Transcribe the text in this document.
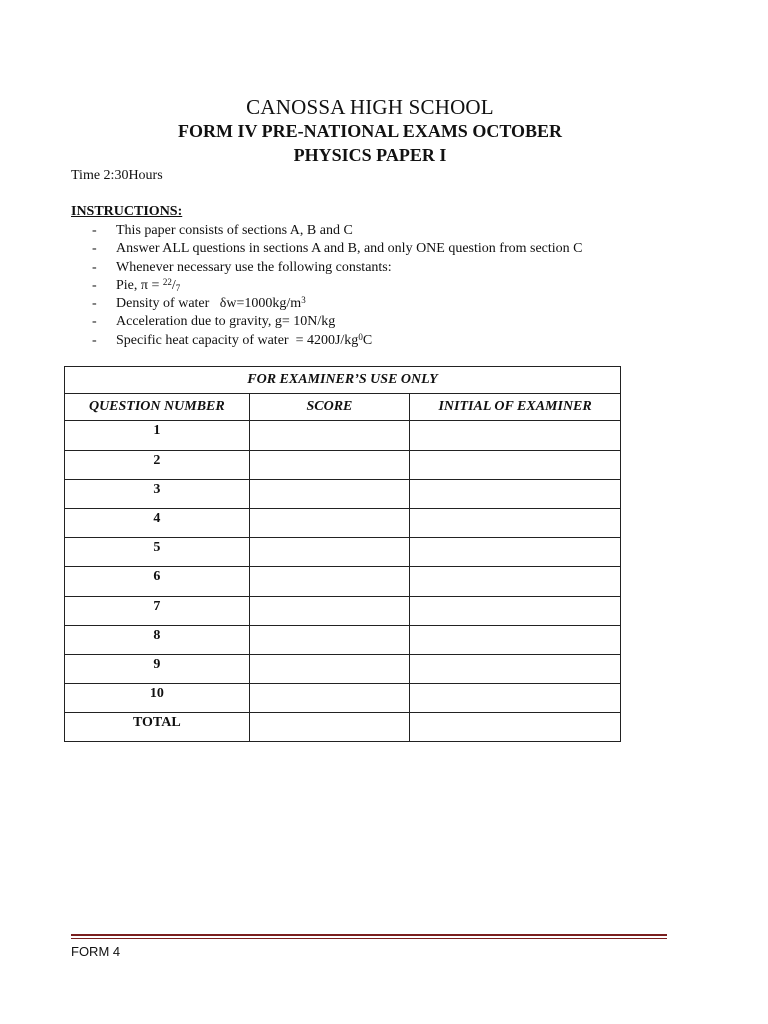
CANOSSA HIGH SCHOOL
FORM IV PRE-NATIONAL EXAMS OCTOBER
PHYSICS PAPER I
Time 2:30Hours
INSTRUCTIONS:
- This paper consists of sections A, B and C
- Answer ALL questions in sections A and B, and only ONE question from section C
- Whenever necessary use the following constants:
- Pie, $\pi = ^{22}/_7$
- Density of water   $\delta w=1000kg/m^3$
- Acceleration due to gravity, g= 10N/kg
- Specific heat capacity of water  = $4200J/kg^0C$
FOR EXAMINER’S USE ONLY		
QUESTION NUMBER	SCORE	INITIAL OF EXAMINER
1		
2		
3		
4		
5		
6		
7		
8		
9		
10		
TOTAL		
FORM 4
